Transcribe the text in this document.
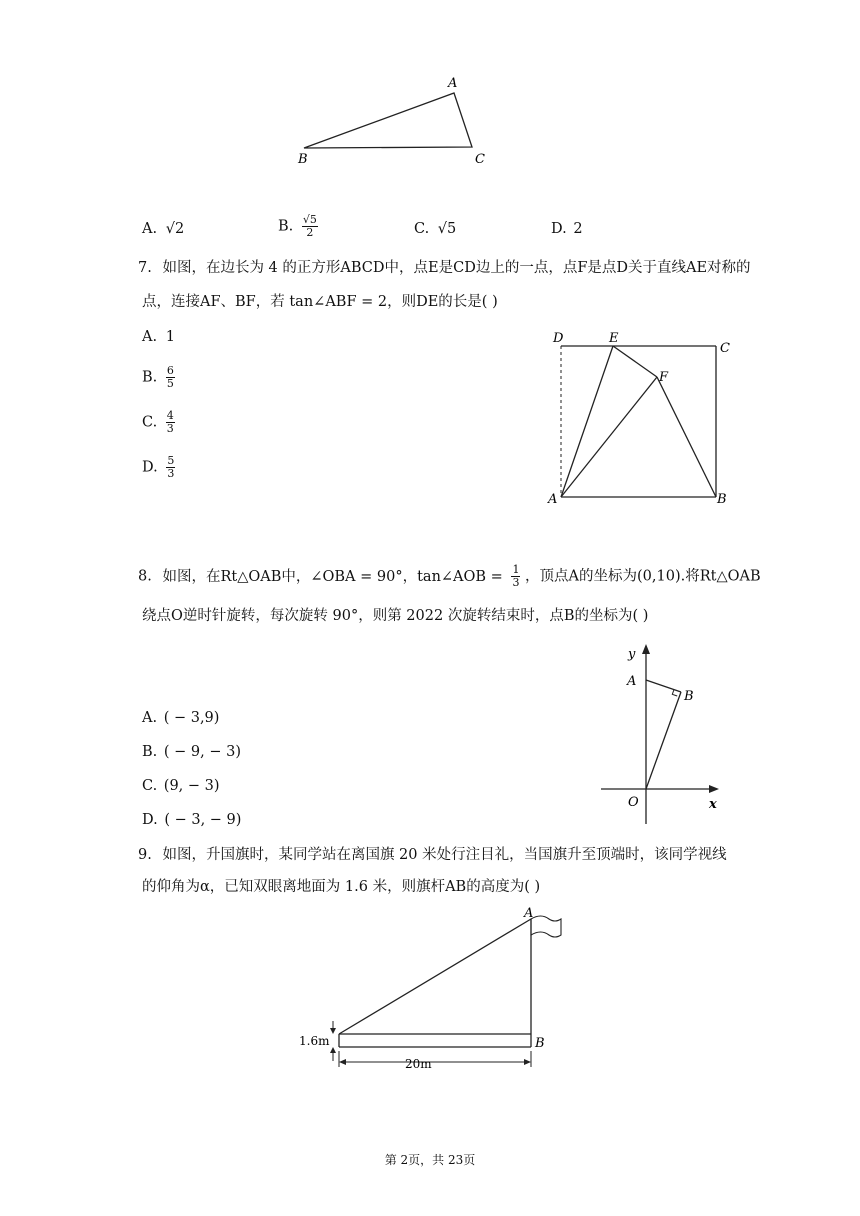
A
B	C
A. √2	B. $\frac{√5}{2}$	C. √5	D. 2
7. 如图，在边长为 4 的正方形ABCD中，点E是CD边上的一点，点F是点D关于直线AE对称的
点，连接AF、BF，若 tan∠ABF = 2，则DE的长是( )
A. 1
B. $\frac{6}{5}$
C. $\frac{4}{3}$
D. $\frac{5}{3}$
D	E
C
F
A	B
8. 如图，在Rt△OAB中，∠OBA = 90°，tan∠AOB = $\frac{1}{3}$ ，顶点A的坐标为(0,10).将Rt△OAB
绕点O逆时针旋转，每次旋转 90°，则第 2022 次旋转结束时，点B的坐标为( )
A. ( − 3,9)
B. ( − 9, − 3)
C. (9, − 3)
D. ( − 3, − 9)
y
A
B
O	x
9. 如图，升国旗时，某同学站在离国旗 20 米处行注目礼，当国旗升至顶端时，该同学视线
的仰角为α，已知双眼离地面为 1.6 米，则旗杆AB的高度为( )
A
B
1.6m
20m
第 2页，共 23页
